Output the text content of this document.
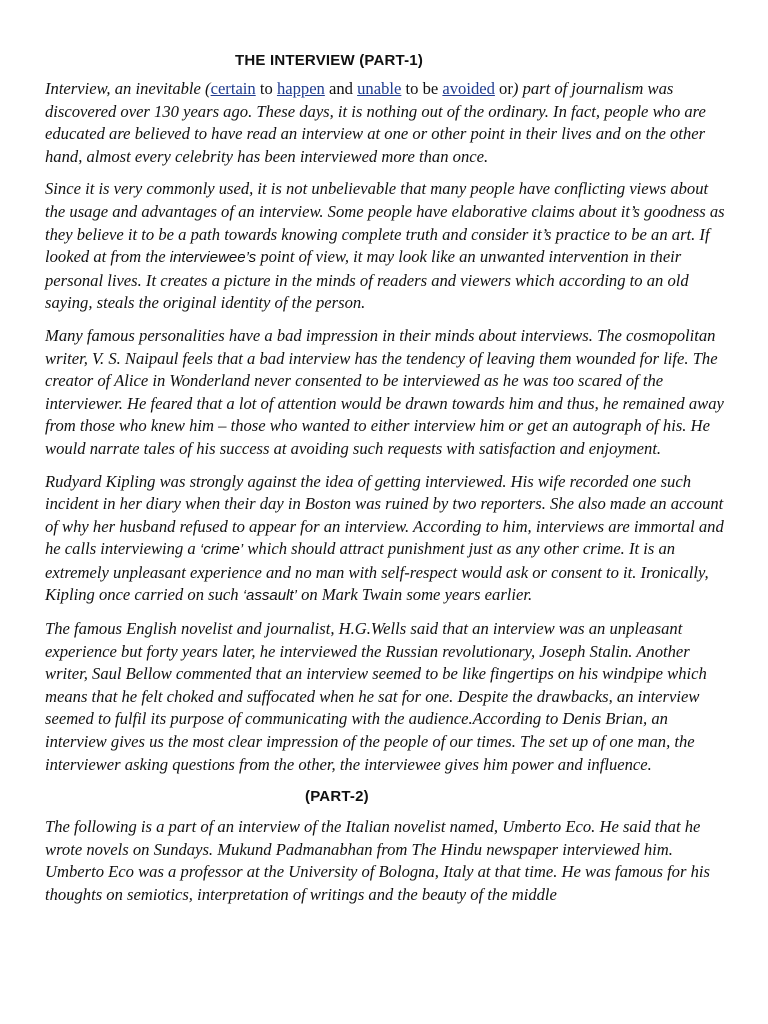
THE INTERVIEW (PART-1)

Interview, an inevitable (certain to happen and unable to be avoided or) part of journalism was discovered over 130 years ago. These days, it is nothing out of the ordinary. In fact, people who are educated are believed to have read an interview at one or other point in their lives and on the other hand, almost every celebrity has been interviewed more than once.

Since it is very commonly used, it is not unbelievable that many people have conflicting views about the usage and advantages of an interview. Some people have elaborative claims about it’s goodness as they believe it to be a path towards knowing complete truth and consider it’s practice to be an art. If looked at from the interviewee’s point of view, it may look like an unwanted intervention in their personal lives. It creates a picture in the minds of readers and viewers which according to an old saying, steals the original identity of the person.

Many famous personalities have a bad impression in their minds about interviews. The cosmopolitan writer, V. S. Naipaul feels that a bad interview has the tendency of leaving them wounded for life. The creator of Alice in Wonderland never consented to be interviewed as he was too scared of the interviewer. He feared that a lot of attention would be drawn towards him and thus, he remained away from those who knew him – those who wanted to either interview him or get an autograph of his. He would narrate tales of his success at avoiding such requests with satisfaction and enjoyment.

Rudyard Kipling was strongly against the idea of getting interviewed. His wife recorded one such incident in her diary when their day in Boston was ruined by two reporters. She also made an account of why her husband refused to appear for an interview. According to him, interviews are immortal and he calls interviewing a ‘crime’ which should attract punishment just as any other crime. It is an extremely unpleasant experience and no man with self-respect would ask or consent to it. Ironically, Kipling once carried on such ‘assault’ on Mark Twain some years earlier.

The famous English novelist and journalist, H.G.Wells said that an interview was an unpleasant experience but forty years later, he interviewed the Russian revolutionary, Joseph Stalin. Another writer, Saul Bellow commented that an interview seemed to be like fingertips on his windpipe which means that he felt choked and suffocated when he sat for one. Despite the drawbacks, an interview seemed to fulfil its purpose of communicating with the audience.According to Denis Brian, an interview gives us the most clear impression of the people of our times. The set up of one man, the interviewer asking questions from the other, the interviewee gives him power and influence.

(PART-2)

The following is a part of an interview of the Italian novelist named, Umberto Eco. He said that he wrote novels on Sundays. Mukund Padmanabhan from The Hindu newspaper interviewed him. Umberto Eco was a professor at the University of Bologna, Italy at that time. He was famous for his thoughts on semiotics, interpretation of writings and the beauty of the middle
